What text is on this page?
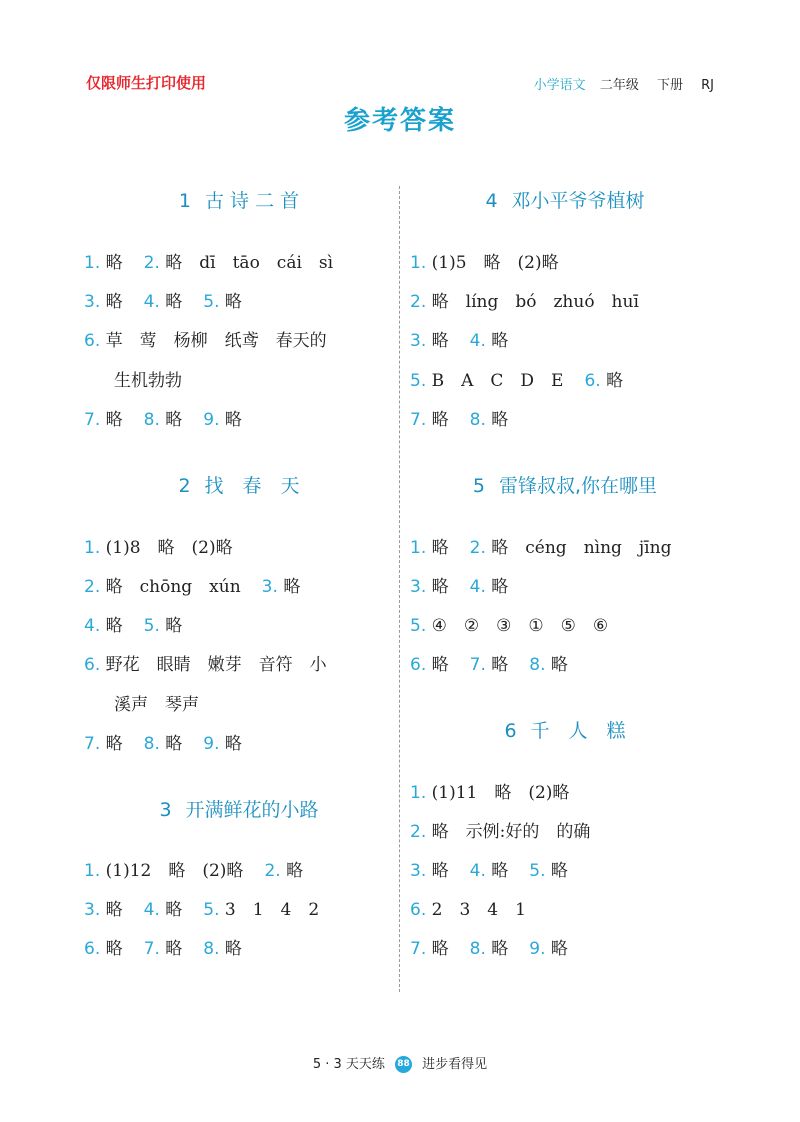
仅限师生打印使用	小学语文 二年级 下册 RJ
参考答案
1 古 诗 二 首
1. 略　 2. 略　dī　tāo　cái　sì
3. 略　 4. 略　 5. 略
6. 草　莺　杨柳　纸鸢　春天的
生机勃勃
7. 略　 8. 略　 9. 略
2 找　春　天
1. (1)8　略　(2)略
2. 略　chōng　xún　 3. 略
4. 略　 5. 略
6. 野花　眼睛　嫩芽　音符　小
溪声　琴声
7. 略　 8. 略　 9. 略
3 开满鲜花的小路
1. (1)12　略　(2)略　 2. 略
3. 略　 4. 略　 5. 3　1　4　2
6. 略　 7. 略　 8. 略
4 邓小平爷爷植树
1. (1)5　略　(2)略
2. 略　líng　bó　zhuó　huī
3. 略　 4. 略
5. B　A　C　D　E　 6. 略
7. 略　 8. 略
5 雷锋叔叔,你在哪里
1. 略　 2. 略　céng　nìng　jīng
3. 略　 4. 略
5. ④　②　③　①　⑤　⑥
6. 略　 7. 略　 8. 略
6 千　人　糕
1. (1)11　略　(2)略
2. 略　示例:好的　的确
3. 略　 4. 略　 5. 略
6. 2　3　4　1
7. 略　 8. 略　 9. 略
5 · 3 天天练 88 进步看得见
